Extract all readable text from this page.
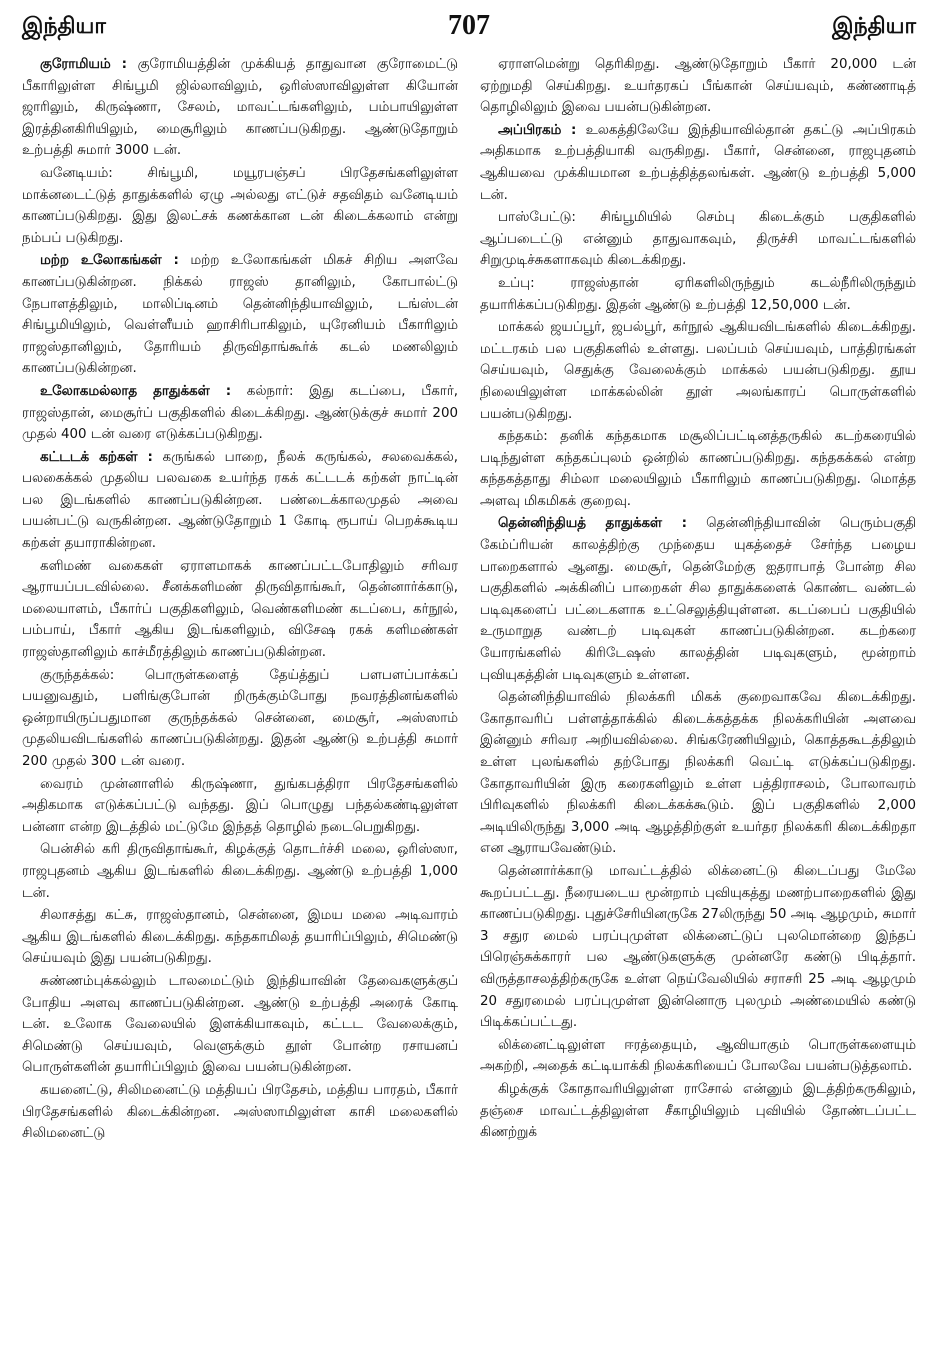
இந்தியா	707	இந்தியா

குரோமியம் : குரோமியத்தின் முக்கியத் தாதுவான குரோமைட்டு பீகாரிலுள்ள சிங்பூமி ஜில்லாவிலும், ஒரிஸ்ஸாவிலுள்ள கியோன் ஜாரிலும், கிருஷ்ணா, சேலம், மாவட்டங்களிலும், பம்பாயிலுள்ள இரத்தினகிரியிலும், மைசூரிலும் காணப்படுகிறது. ஆண்டுதோறும் உற்பத்தி சுமார் 3000 டன்.

வனேடியம்: சிங்பூமி, மயூரபஞ்சப் பிரதேசங்களிலுள்ள மாக்னடைட்டுத் தாதுக்களில் ஏழு அல்லது எட்டுச் சதவிதம் வனேடியம் காணப்படுகிறது. இது இலட்சக் கணக்கான டன் கிடைக்கலாம் என்று நம்பப் படுகிறது.

மற்ற உலோகங்கள் : மற்ற உலோகங்கள் மிகச் சிறிய அளவே காணப்படுகின்றன. நிக்கல் ராஜஸ் தானிலும், கோபால்ட்டு நேபாளத்திலும், மாலிப்டினம் தென்னிந்தியாவிலும், டங்ஸ்டன் சிங்பூமியிலும், வெள்ளீயம் ஹாசிரிபாகிலும், யுரேனியம் பீகாரிலும் ராஜஸ்தானிலும், தோரியம் திருவிதாங்கூர்க் கடல் மணலிலும் காணப்படுகின்றன.

உலோகமல்லாத தாதுக்கள் : கல்நார்: இது கடப்பை, பீகார், ராஜஸ்தான், மைசூர்ப் பகுதிகளில் கிடைக்கிறது. ஆண்டுக்குச் சுமார் 200 முதல் 400 டன் வரை எடுக்கப்படுகிறது.

கட்டடக் கற்கள் : கருங்கல் பாறை, நீலக் கருங்கல், சலவைக்கல், பலகைக்கல் முதலிய பலவகை உயர்ந்த ரகக் கட்டடக் கற்கள் நாட்டின் பல இடங்களில் காணப்படுகின்றன. பண்டைக்காலமுதல் அவை பயன்பட்டு வருகின்றன. ஆண்டுதோறும் 1 கோடி ரூபாய் பெறக்கூடிய கற்கள் தயாராகின்றன.

களிமண் வகைகள் ஏராளமாகக் காணப்பட்டபோதிலும் சரிவர ஆராயப்படவில்லை. சீனக்களிமண் திருவிதாங்கூர், தென்னார்க்காடு, மலையாளம், பீகார்ப் பகுதிகளிலும், வெண்களிமண் கடப்பை, கர்நூல், பம்பாய், பீகார் ஆகிய இடங்களிலும், விசேஷ ரகக் களிமண்கள் ராஜஸ்தானிலும் காச்மீரத்திலும் காணப்படுகின்றன.

குருந்தக்கல்: பொருள்களைத் தேய்த்துப் பளபளப்பாக்கப் பயனுவதும், பளிங்குபோன் றிருக்கும்போது நவரத்தினங்களில் ஒன்றாயிருப்பதுமான குருந்தக்கல் சென்னை, மைசூர், அஸ்ஸாம் முதலியவிடங்களில் காணப்படுகின்றது. இதன் ஆண்டு உற்பத்தி சுமார் 200 முதல் 300 டன் வரை.

வைரம் முன்னாளில் கிருஷ்ணா, துங்கபத்திரா பிரதேசங்களில் அதிகமாக எடுக்கப்பட்டு வந்தது. இப் பொழுது பந்தல்கண்டிலுள்ள பன்னா என்ற இடத்தில் மட்டுமே இந்தத் தொழில் நடைபெறுகிறது.

பென்சில் கரி திருவிதாங்கூர், கிழக்குத் தொடர்ச்சி மலை, ஒரிஸ்ஸா, ராஜபுதனம் ஆகிய இடங்களில் கிடைக்கிறது. ஆண்டு உற்பத்தி 1,000 டன்.

சிலாசத்து கட்சு, ராஜஸ்தானம், சென்னை, இமய மலை அடிவாரம் ஆகிய இடங்களில் கிடைக்கிறது. கந்தகாமிலத் தயாரிப்பிலும், சிமெண்டு செய்யவும் இது பயன்படுகிறது.

சுண்ணம்புக்கல்லும் டாலமைட்டும் இந்தியாவின் தேவைகளுக்குப் போதிய அளவு காணப்படுகின்றன. ஆண்டு உற்பத்தி அரைக் கோடி டன். உலோக வேலையில் இளக்கியாகவும், கட்டட வேலைக்கும், சிமெண்டு செய்யவும், வெளுக்கும் தூள் போன்ற ரசாயனப் பொருள்களின் தயாரிப்பிலும் இவை பயன்படுகின்றன.

கயனைட்டு, சிலிமனைட்டு மத்தியப் பிரதேசம், மத்திய பாரதம், பீகார் பிரதேசங்களில் கிடைக்கின்றன. அஸ்ஸாமிலுள்ள காசி மலைகளில் சிலிமனைட்டு

ஏராளமென்று தெரிகிறது. ஆண்டுதோறும் பீகார் 20,000 டன் ஏற்றுமதி செய்கிறது. உயர்தரகப் பீங்கான் செய்யவும், கண்ணாடித் தொழிலிலும் இவை பயன்படுகின்றன.

அப்பிரகம் : உலகத்திலேயே இந்தியாவில்தான் தகட்டு அப்பிரகம் அதிகமாக உற்பத்தியாகி வருகிறது. பீகார், சென்னை, ராஜபுதனம் ஆகியவை முக்கியமான உற்பத்தித்தலங்கள். ஆண்டு உற்பத்தி 5,000 டன்.

பாஸ்பேட்டு: சிங்பூமியில் செம்பு கிடைக்கும் பகுதிகளில் ஆப்படைட்டு என்னும் தாதுவாகவும், திருச்சி மாவட்டங்களில் சிறுமுடிச்சுகளாகவும் கிடைக்கிறது.

உப்பு: ராஜஸ்தான் ஏரிகளிலிருந்தும் கடல்நீரிலிருந்தும் தயாரிக்கப்படுகிறது. இதன் ஆண்டு உற்பத்தி 12,50,000 டன்.

மாக்கல் ஜயப்பூர், ஜபல்பூர், கர்நூல் ஆகியவிடங்களில் கிடைக்கிறது. மட்டரகம் பல பகுதிகளில் உள்ளது. பலப்பம் செய்யவும், பாத்திரங்கள் செய்யவும், செதுக்கு வேலைக்கும் மாக்கல் பயன்படுகிறது. தூய நிலையிலுள்ள மாக்கல்லின் தூள் அலங்காரப் பொருள்களில் பயன்படுகிறது.

கந்தகம்: தனிக் கந்தகமாக மசூலிப்பட்டினத்தருகில் கடற்கரையில் படிந்துள்ள கந்தகப்புலம் ஒன்றில் காணப்படுகிறது. கந்தகக்கல் என்ற கந்தகத்தாது சிம்லா மலையிலும் பீகாரிலும் காணப்படுகிறது. மொத்த அளவு மிகமிகக் குறைவு.

தென்னிந்தியத் தாதுக்கள் : தென்னிந்தியாவின் பெரும்பகுதி கேம்ப்ரியன் காலத்திற்கு முந்தைய யுகத்தைச் சேர்ந்த பழைய பாறைகளால் ஆனது. மைசூர், தென்மேற்கு ஐதராபாத் போன்ற சில பகுதிகளில் அக்கினிப் பாறைகள் சில தாதுக்களைக் கொண்ட வண்டல் படிவுகளைப் பட்டைகளாக உட்செலுத்தியுள்ளன. கடப்பைப் பகுதியில் உருமாறுத வண்டற் படிவுகள் காணப்படுகின்றன. கடற்கரை யோரங்களில் கிரிடேஷஸ் காலத்தின் படிவுகளும், மூன்றாம் புவியுகத்தின் படிவுகளும் உள்ளன.

தென்னிந்தியாவில் நிலக்கரி மிகக் குறைவாகவே கிடைக்கிறது. கோதாவரிப் பள்ளத்தாக்கில் கிடைக்கத்தக்க நிலக்கரியின் அளவை இன்னும் சரிவர அறியவில்லை. சிங்கரேணியிலும், கொத்தகூடத்திலும் உள்ள புலங்களில் தற்போது நிலக்கரி வெட்டி எடுக்கப்படுகிறது. கோதாவரியின் இரு கரைகளிலும் உள்ள பத்திராசலம், போலாவரம் பிரிவுகளில் நிலக்கரி கிடைக்கக்கூடும். இப் பகுதிகளில் 2,000 அடியிலிருந்து 3,000 அடி ஆழத்திற்குள் உயர்தர நிலக்கரி கிடைக்கிறதா என ஆராயவேண்டும்.

தென்னார்க்காடு மாவட்டத்தில் லிக்னைட்டு கிடைப்பது மேலே கூறப்பட்டது. நீரையடைய மூன்றாம் புவியுகத்து மணற்பாறைகளில் இது காணப்படுகிறது. புதுச்சேரியினருகே 27லிருந்து 50 அடி ஆழமும், சுமார் 3 சதுர மைல் பரப்புமுள்ள லிக்னைட்டுப் புலமொன்றை இந்தப் பிரெஞ்சுக்காரர் பல ஆண்டுகளுக்கு முன்னரே கண்டு பிடித்தார். விருத்தாசலத்திற்கருகே உள்ள நெய்வேலியில் சராசரி 25 அடி ஆழமும் 20 சதுரமைல் பரப்புமுள்ள இன்னொரு புலமும் அண்மையில் கண்டு பிடிக்கப்பட்டது.

லிக்னைட்டிலுள்ள ஈரத்தையும், ஆவியாகும் பொருள்களையும் அகற்றி, அதைக் கட்டியாக்கி நிலக்கரியைப் போலவே பயன்படுத்தலாம்.

கிழக்குக் கோதாவரியிலுள்ள ராசோல் என்னும் இடத்திற்கருகிலும், தஞ்சை மாவட்டத்திலுள்ள சீகாழியிலும் புவியில் தோண்டப்பட்ட கிணற்றுக்
